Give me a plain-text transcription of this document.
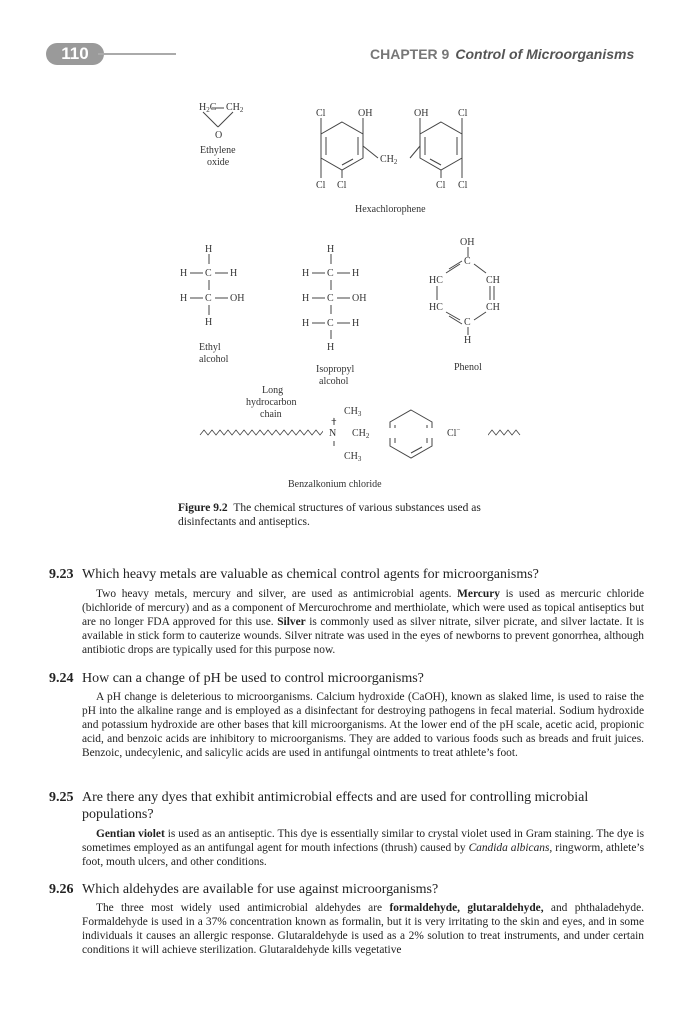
110	CHAPTER 9 Control of Microorganisms
$H_2C$ $CH_2$
O
Ethylene
oxide
Cl	OH	OH	Cl
$CH_2$
Cl Cl	Cl Cl
Hexachlorophene
H
H C H
H C OH
H
Ethyl
alcohol
H
H C H
H C OH
H C H
H
Isopropyl
alcohol
OH
C
HC	CH
HC	CH
C
H
Phenol
Long
hydrocarbon
chain	$CH_3$
+
N $CH_2$
$CH_3$
Cl−
Benzalkonium chloride
Figure 9.2 The chemical structures of various substances used as disinfectants and antiseptics.
9.23 Which heavy metals are valuable as chemical control agents for microorganisms?
Two heavy metals, mercury and silver, are used as antimicrobial agents. Mercury is used as mercuric chloride (bichloride of mercury) and as a component of Mercurochrome and merthiolate, which were used as topical antiseptics but are no longer FDA approved for this use. Silver is commonly used as silver nitrate, silver picrate, and silver lactate. It is available in stick form to cauterize wounds. Silver nitrate was used in the eyes of newborns to prevent gonorrhea, although antibiotic drops are typically used for this purpose now.
9.24 How can a change of pH be used to control microorganisms?
A pH change is deleterious to microorganisms. Calcium hydroxide (CaOH), known as slaked lime, is used to raise the pH into the alkaline range and is employed as a disinfectant for destroying pathogens in fecal material. Sodium hydroxide and potassium hydroxide are other bases that kill microorganisms. At the lower end of the pH scale, acetic acid, propionic acid, and benzoic acids are inhibitory to microorganisms. They are added to various foods such as breads and fruit juices. Benzoic, undecylenic, and salicylic acids are used in antifungal ointments to treat athlete’s foot.
9.25 Are there any dyes that exhibit antimicrobial effects and are used for controlling microbial populations?
Gentian violet is used as an antiseptic. This dye is essentially similar to crystal violet used in Gram staining. The dye is sometimes employed as an antifungal agent for mouth infections (thrush) caused by Candida albicans, ringworm, athlete’s foot, mouth ulcers, and other conditions.
9.26 Which aldehydes are available for use against microorganisms?
The three most widely used antimicrobial aldehydes are formaldehyde, glutaraldehyde, and phthaladehyde. Formaldehyde is used in a 37% concentration known as formalin, but it is very irritating to the skin and eyes, and in some individuals it causes an allergic response. Glutaraldehyde is used as a 2% solution to treat instruments, and under certain conditions it will achieve sterilization. Glutaraldehyde kills vegetative
